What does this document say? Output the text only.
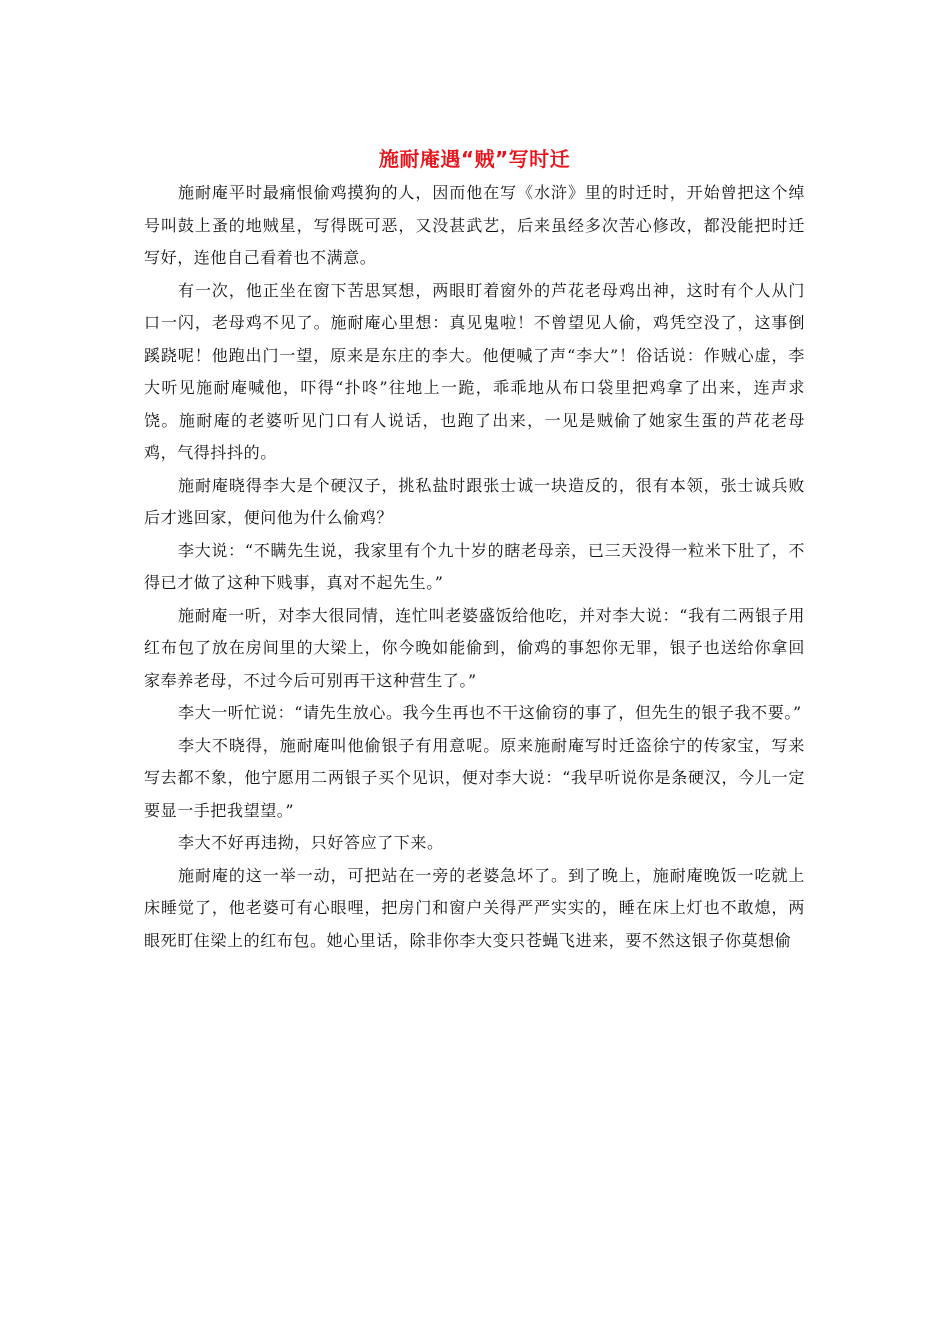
施耐庵遇“贼”写时迁

施耐庵平时最痛恨偷鸡摸狗的人，因而他在写《水浒》里的时迁时，开始曾把这个绰号叫鼓上蚤的地贼星，写得既可恶，又没甚武艺，后来虽经多次苦心修改，都没能把时迁写好，连他自己看着也不满意。

有一次，他正坐在窗下苦思冥想，两眼盯着窗外的芦花老母鸡出神，这时有个人从门口一闪，老母鸡不见了。施耐庵心里想：真见鬼啦！不曾望见人偷，鸡凭空没了，这事倒蹊跷呢！他跑出门一望，原来是东庄的李大。他便喊了声“李大”！俗话说：作贼心虚，李大听见施耐庵喊他，吓得“扑咚”往地上一跪，乖乖地从布口袋里把鸡拿了出来，连声求饶。施耐庵的老婆听见门口有人说话，也跑了出来，一见是贼偷了她家生蛋的芦花老母鸡，气得抖抖的。

施耐庵晓得李大是个硬汉子，挑私盐时跟张士诚一块造反的，很有本领，张士诚兵败后才逃回家，便问他为什么偷鸡？

李大说：“不瞒先生说，我家里有个九十岁的瞎老母亲，已三天没得一粒米下肚了，不得已才做了这种下贱事，真对不起先生。”

施耐庵一听，对李大很同情，连忙叫老婆盛饭给他吃，并对李大说：“我有二两银子用红布包了放在房间里的大梁上，你今晚如能偷到，偷鸡的事恕你无罪，银子也送给你拿回家奉养老母，不过今后可别再干这种营生了。”

李大一听忙说：“请先生放心。我今生再也不干这偷窃的事了，但先生的银子我不要。”

李大不晓得，施耐庵叫他偷银子有用意呢。原来施耐庵写时迁盗徐宁的传家宝，写来写去都不象，他宁愿用二两银子买个见识，便对李大说：“我早听说你是条硬汉，今儿一定要显一手把我望望。”

李大不好再违拗，只好答应了下来。

施耐庵的这一举一动，可把站在一旁的老婆急坏了。到了晚上，施耐庵晚饭一吃就上床睡觉了，他老婆可有心眼哩，把房门和窗户关得严严实实的，睡在床上灯也不敢熄，两眼死盯住梁上的红布包。她心里话，除非你李大变只苍蝇飞进来，要不然这银子你莫想偷
